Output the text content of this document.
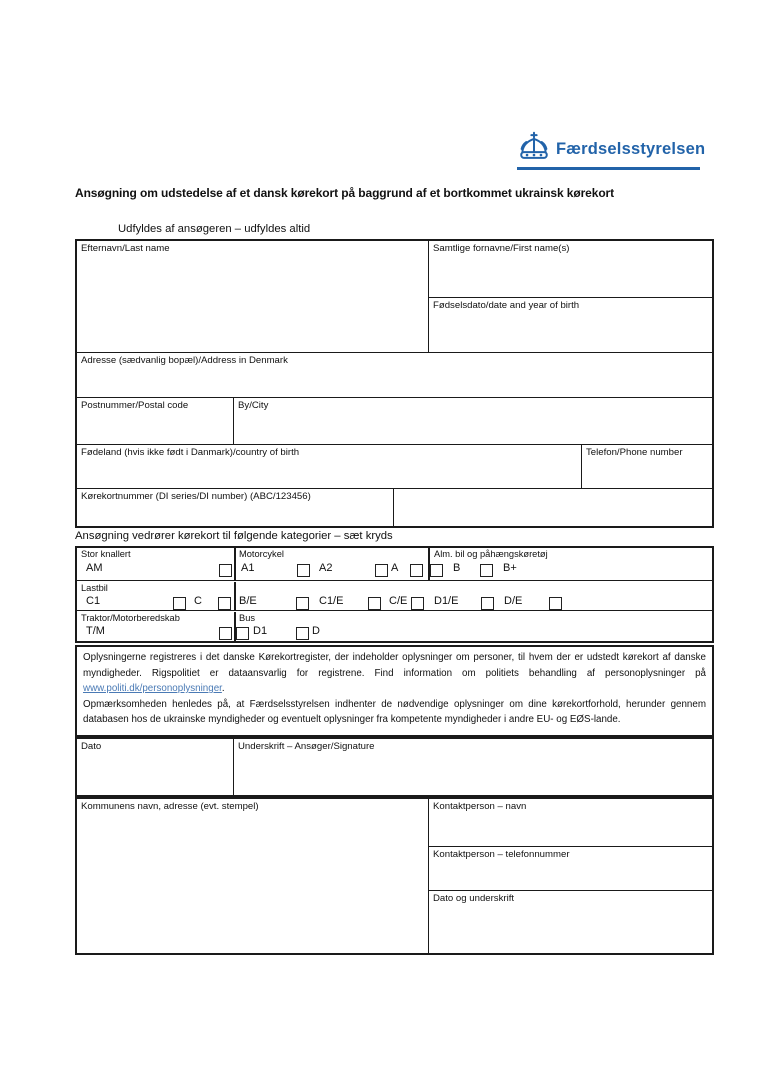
Færdselsstyrelsen
Ansøgning om udstedelse af et dansk kørekort på baggrund af et bortkommet ukrainsk kørekort
Udfyldes af ansøgeren – udfyldes altid
Efternavn/Last name	Samtlige fornavne/First name(s)
Fødselsdato/date and year of birth
Adresse (sædvanlig bopæl)/Address in Denmark
Postnummer/Postal code	By/City
Fødeland (hvis ikke født i Danmark)/country of birth	Telefon/Phone number
Kørekortnummer (DI series/DI number) (ABC/123456)
Ansøgning vedrører kørekort til følgende kategorier – sæt kryds
Stor knallert	Motorcykel	Alm. bil og påhængskøretøj
AM	A1	A2	A	B	B+
Lastbil
C1	C	B/E	C1/E	C/E D1/E	D/E
Traktor/Motorberedskab	Bus
T/M	D1	D
Oplysningerne registreres i det danske Kørekortregister, der indeholder oplysninger om personer, til hvem der er udstedt kørekort af danske myndigheder. Rigspolitiet er dataansvarlig for registrene. Find information om politiets behandling af personoplysninger på www.politi.dk/personoplysninger.
Opmærksomheden henledes på, at Færdselsstyrelsen indhenter de nødvendige oplysninger om dine kørekortforhold, herunder gennem databasen hos de ukrainske myndigheder og eventuelt oplysninger fra kompetente myndigheder i andre EU- og EØS-lande.
Dato	Underskrift – Ansøger/Signature
Kommunens navn, adresse (evt. stempel)	Kontaktperson – navn
Kontaktperson – telefonnummer
Dato og underskrift
